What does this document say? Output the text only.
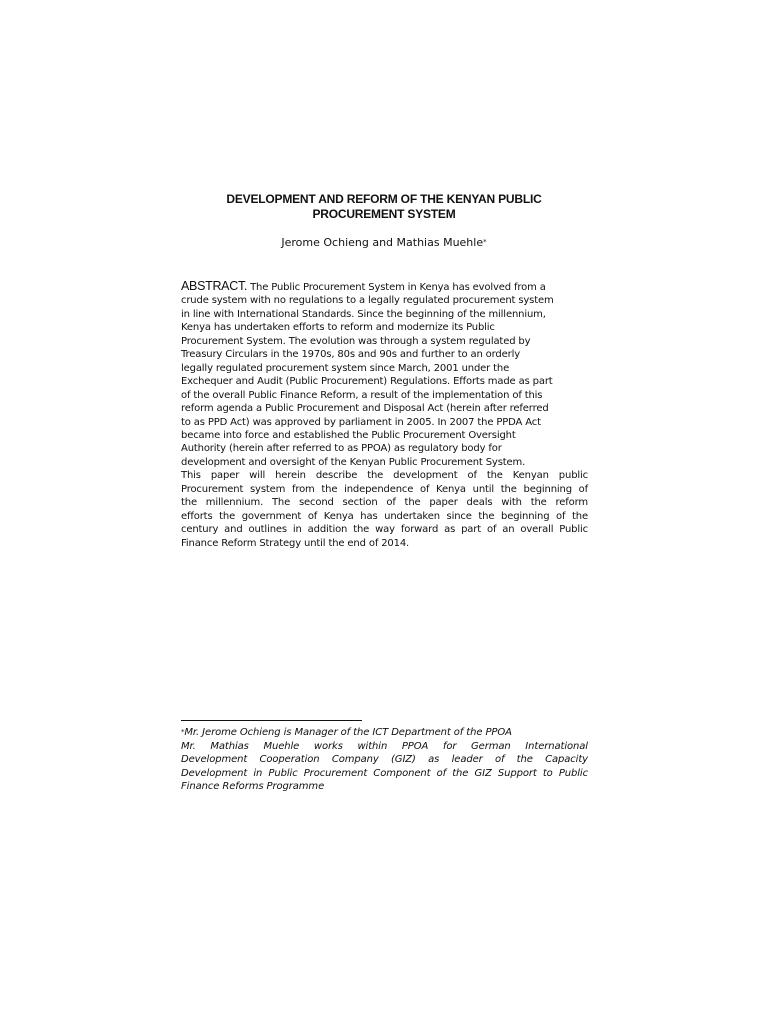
DEVELOPMENT AND REFORM OF THE KENYAN PUBLIC
PROCUREMENT SYSTEM
Jerome Ochieng and Mathias Muehle*
ABSTRACT. The Public Procurement System in Kenya has evolved from a
crude system with no regulations to a legally regulated procurement system
in line with International Standards. Since the beginning of the millennium,
Kenya has undertaken efforts to reform and modernize its Public
Procurement System. The evolution was through a system regulated by
Treasury Circulars in the 1970s, 80s and 90s and further to an orderly
legally regulated procurement system since March, 2001 under the
Exchequer and Audit (Public Procurement) Regulations. Efforts made as part
of the overall Public Finance Reform, a result of the implementation of this
reform agenda a Public Procurement and Disposal Act (herein after referred
to as PPD Act) was approved by parliament in 2005. In 2007 the PPDA Act
became into force and established the Public Procurement Oversight
Authority (herein after referred to as PPOA) as regulatory body for
development and oversight of the Kenyan Public Procurement System.
This paper will herein describe the development of the Kenyan public
Procurement system from the independence of Kenya until the beginning of
the millennium. The second section of the paper deals with the reform
efforts the government of Kenya has undertaken since the beginning of the
century and outlines in addition the way forward as part of an overall Public
Finance Reform Strategy until the end of 2014.
*Mr. Jerome Ochieng is Manager of the ICT Department of the PPOA
Mr. Mathias Muehle works within PPOA for German International
Development Cooperation Company (GIZ) as leader of the Capacity
Development in Public Procurement Component of the GIZ Support to Public
Finance Reforms Programme
